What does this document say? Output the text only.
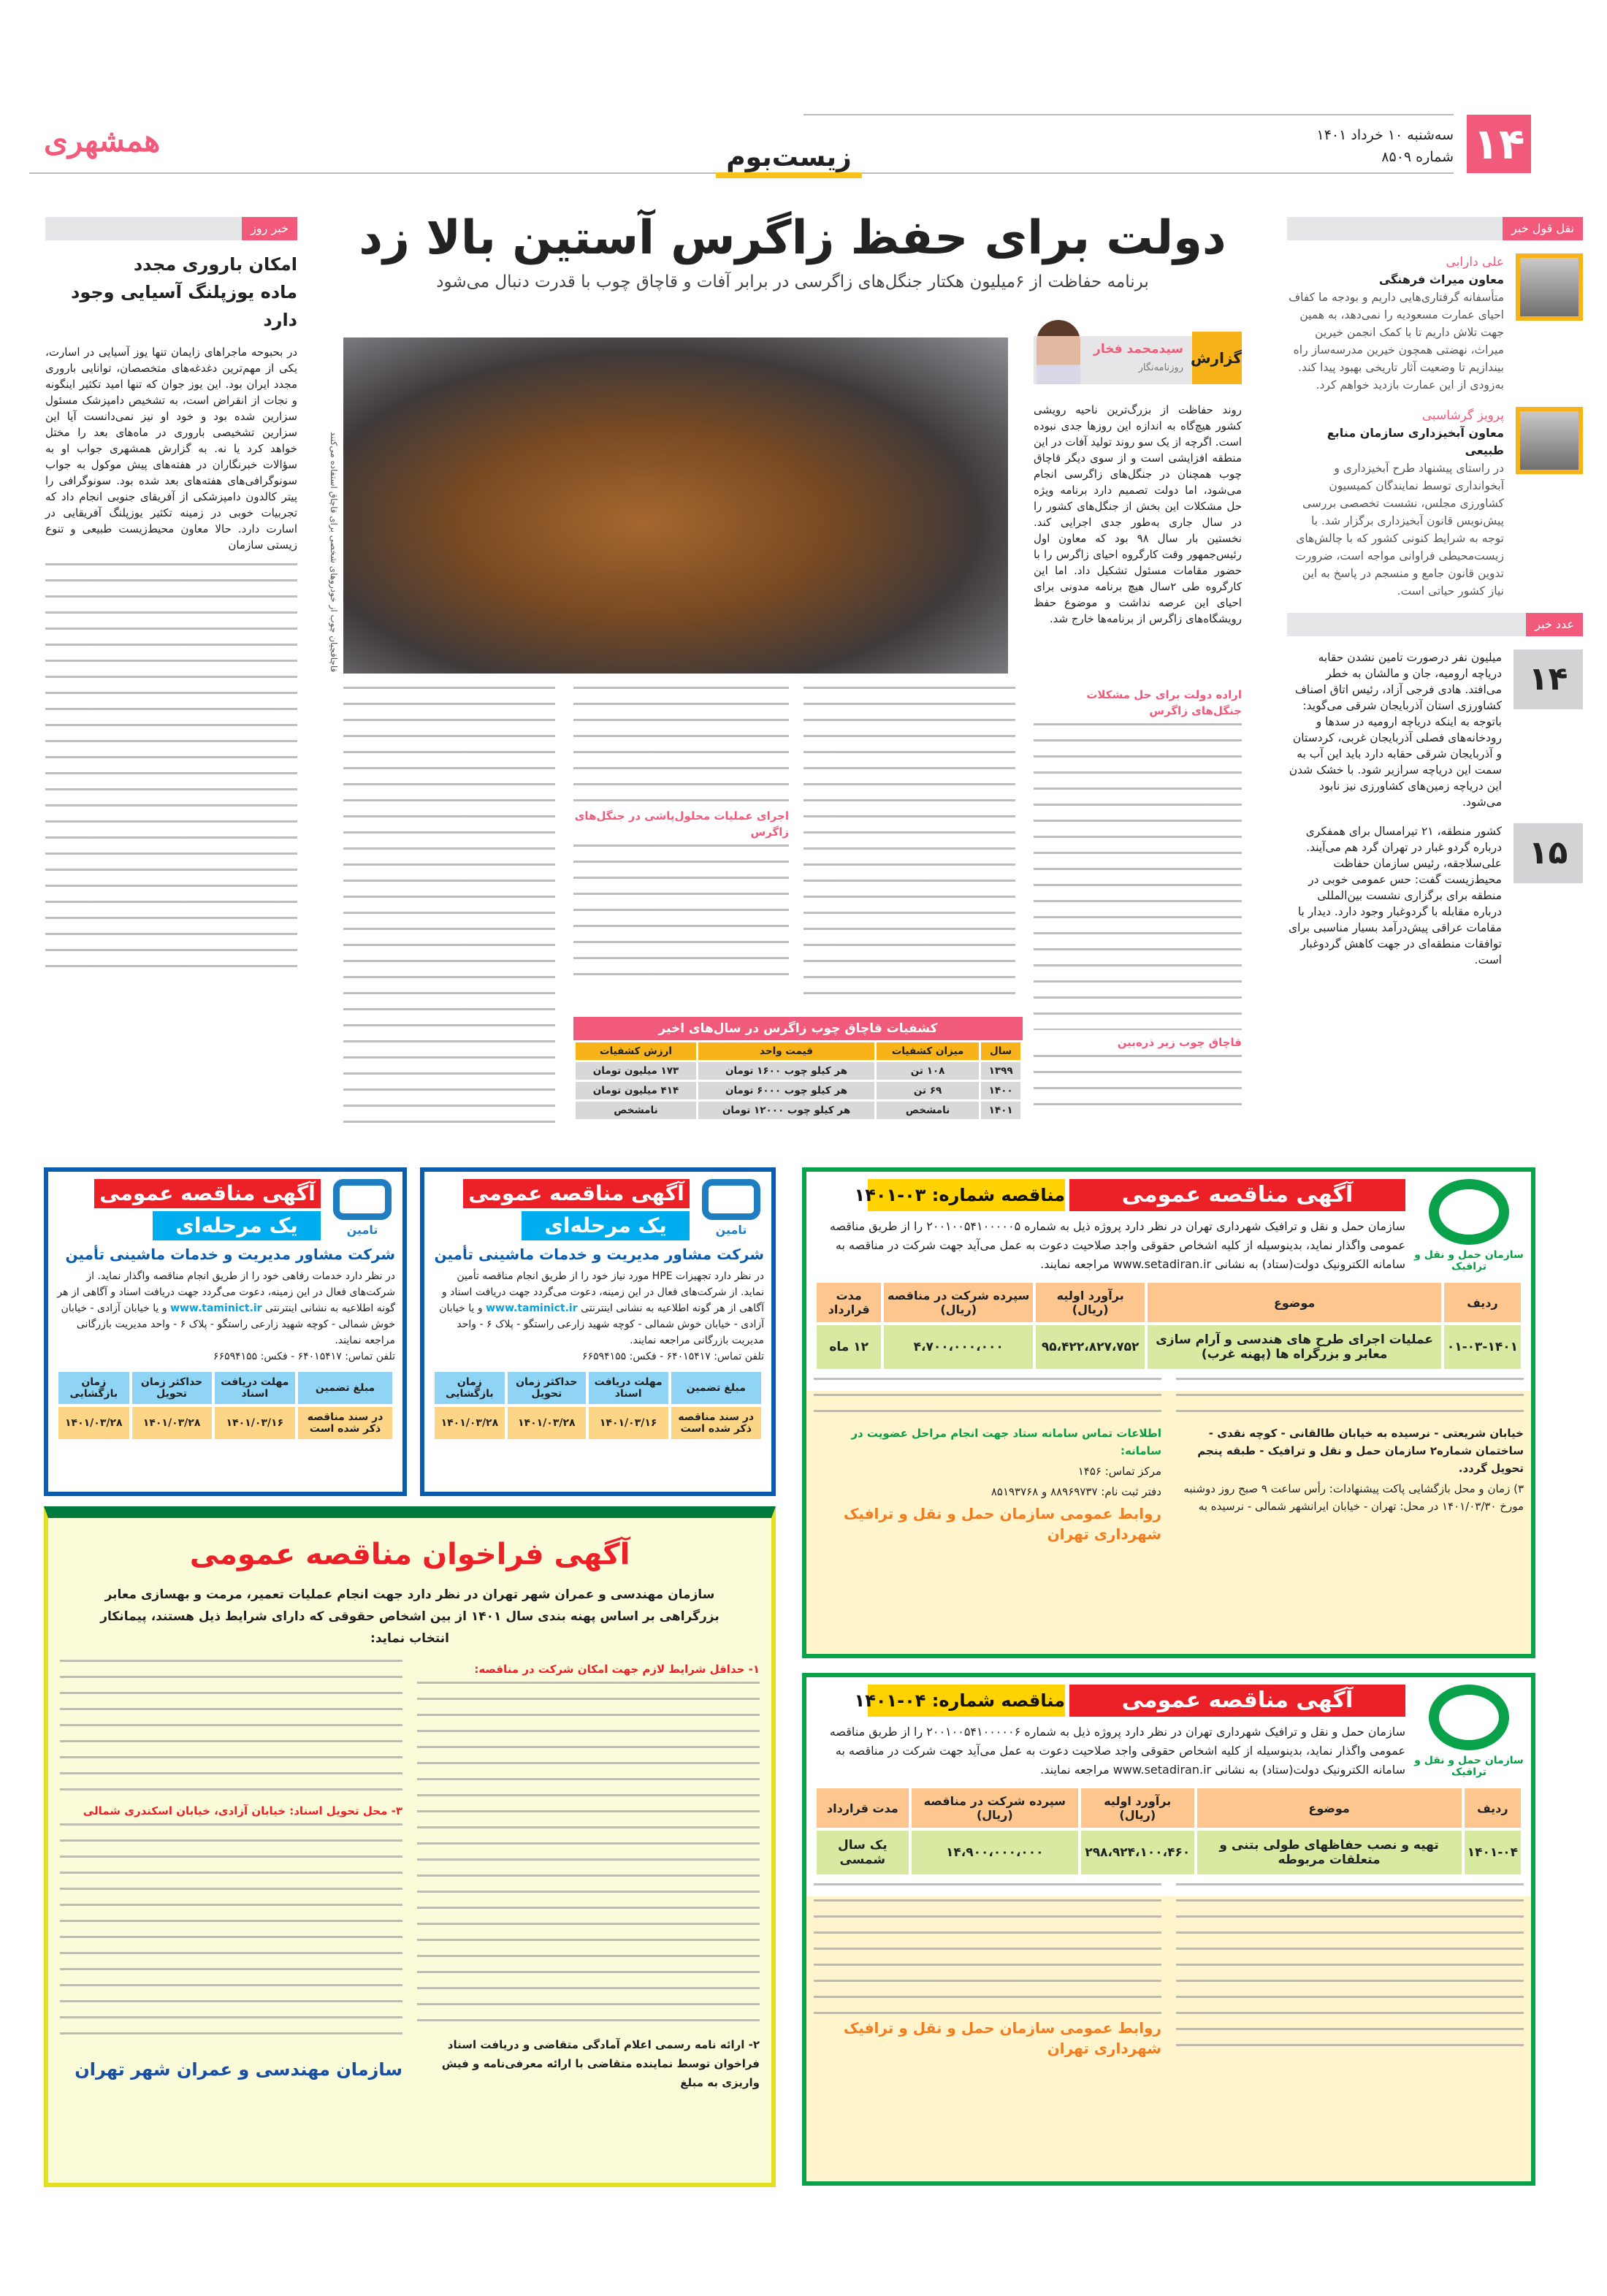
۱۴
سه‌شنبه ۱۰ خرداد ۱۴۰۱
شماره ۸۵۰۹
همشهری	زیست‌بوم
خبر روز
امکان باروری مجدد
ماده یوزپلنگ آسیایی وجود دارد
در بحبوحه ماجراهای زایمان تنها یوز آسیایی در اسارت، یکی از مهم‌ترین دغدغه‌های متخصصان، توانایی باروری مجدد ایران بود. این یوز جوان که تنها امید تکثیر اینگونه و نجات از انقراض است، به تشخیص دامپزشک مسئول سزارین شده بود و خود او نیز نمی‌دانست آیا این سزارین تشخیصی باروری در ماه‌های بعد را مختل خواهد کرد یا نه. به گزارش همشهری جواب او به سؤالات خبرنگاران در هفته‌های پیش موکول به جواب سونوگرافی‌های هفته‌های بعد شده بود. سونوگرافی را پیتر کالدون دامپزشکی از آفریقای جنوبی انجام داد که تجربیات خوبی در زمینه تکثیر یوزپلنگ آفریقایی در اسارت دارد. حالا معاون محیط‌زیست طبیعی و تنوع زیستی سازمان
دولت برای حفظ زاگرس آستین بالا زد
برنامه حفاظت از ۶میلیون هکتار جنگل‌های زاگرسی در برابر آفات و قاچاق چوب با قدرت دنبال می‌شود
قاچاقچیان چوب از خودروهای شخصی برای قاچاق استفاده می‌کنند
گزارش
سیدمحمد فخار
روزنامه‌نگار
روند حفاظت از بزرگ‌ترین ناحیه رویشی کشور هیچ‌گاه به اندازه این روزها جدی نبوده است. اگرچه از یک سو روند تولید آفات در این منطقه افزایشی است و از سوی دیگر قاچاق چوب همچنان در جنگل‌های زاگرسی انجام می‌شود، اما دولت تصمیم دارد برنامه ویژه حل مشکلات این بخش از جنگل‌های کشور را در سال جاری به‌طور جدی اجرایی کند. نخستین بار سال ۹۸ بود که معاون اول رئیس‌جمهور وقت کارگروه احیای زاگرس را با حضور مقامات مسئول تشکیل داد. اما این کارگروه طی ۲سال هیچ برنامه مدونی برای احیای این عرصه نداشت و موضوع حفظ رویشگاه‌های زاگرس از برنامه‌ها خارج شد.
اراده دولت برای حل مشکلات جنگل‌های زاگرس
قاچاق چوب زیر ذره‌بین
اجرای عملیات محلول‌پاشی در جنگل‌های زاگرس
کشفیات قاچاق چوب زاگرس در سال‌های اخیر
سال	میزان کشفیات	قیمت واحد	ارزش کشفیات
۱۳۹۹	۱۰۸ تن	هر کیلو چوب ۱۶۰۰ تومان	۱۷۳ میلیون تومان
۱۴۰۰	۶۹ تن	هر کیلو چوب ۶۰۰۰ تومان	۴۱۴ میلیون تومان
۱۴۰۱	نامشخص	هر کیلو چوب ۱۲۰۰۰ تومان	نامشخص
نقل قول خبر
علی دارابی
معاون میراث فرهنگی
متأسفانه گرفتاری‌هایی داریم و بودجه ما کفاف احیای عمارت مسعودیه را نمی‌دهد، به همین جهت تلاش داریم تا با کمک انجمن خیرین میراث، نهضتی همچون خیرین مدرسه‌ساز راه بیندازیم تا وضعیت آثار تاریخی بهبود پیدا کند. به‌زودی از این عمارت بازدید خواهم کرد.
پرویز گرشاسبی
معاون آبخیزداری سازمان منابع طبیعی
در راستای پیشنهاد طرح آبخیزداری و آبخوانداری توسط نمایندگان کمیسیون کشاورزی مجلس، نشست تخصصی بررسی پیش‌نویس قانون آبخیزداری برگزار شد. با توجه به شرایط کنونی کشور که با چالش‌های زیست‌محیطی فراوانی مواجه است، ضرورت تدوین قانون جامع و منسجم در پاسخ به این نیاز کشور حیاتی است.
عدد خبر
۱۴
میلیون نفر درصورت تامین نشدن حقابه دریاچه ارومیه، جان و مالشان به خطر می‌افتد. هادی فرجی آزاد، رئیس اتاق اصناف کشاورزی استان آذربایجان شرقی می‌گوید: باتوجه به اینکه دریاچه ارومیه در سدها و رودخانه‌های فصلی آذربایجان غربی، کردستان و آذربایجان شرقی حقابه دارد باید این آب به سمت این دریاچه سرازیر شود. با خشک شدن این دریاچه زمین‌های کشاورزی نیز نابود می‌شود.
۱۵
کشور منطقه، ۲۱ تیرامسال برای همفکری درباره گردو غبار در تهران گرد هم می‌آیند. علی‌سلاجقه، رئیس سازمان حفاظت محیط‌زیست گفت: حس عمومی خوبی در منطقه برای برگزاری نشست بین‌المللی درباره مقابله با گردوغبار وجود دارد. دیدار با مقامات عراقی پیش‌درآمد بسیار مناسبی برای توافقات منطقه‌ای در جهت کاهش گردوغبار است.
سازمان حمل و نقل و ترافیک
آگهی مناقصه عمومی
مناقصه شماره: ۰۳-۱۴۰۱
سازمان حمل و نقل و ترافیک شهرداری تهران در نظر دارد پروژه ذیل به شماره ۲۰۰۱۰۰۵۴۱۰۰۰۰۰۵ را از طریق مناقصه عمومی واگذار نماید، بدینوسیله از کلیه اشخاص حقوقی واجد صلاحیت دعوت به عمل می‌آید جهت شرکت در مناقصه به سامانه الکترونیک دولت(ستاد) به نشانی www.setadiran.ir مراجعه نمایند.
ردیف	موضوع	برآورد اولیه (ریال)	سپرده شرکت در مناقصه (ریال)	مدت قرارداد
۰۱-۰۳-۱۴۰۱	عملیات اجرای طرح های هندسی و آرام سازی معابر و بزرگراه ها (پهنه غرب)	۹۵،۴۲۲،۸۲۷،۷۵۲	۴،۷۰۰،۰۰۰،۰۰۰	۱۲ ماه
خیابان شریعتی - نرسیده به خیابان طالقانی - کوچه نقدی - ساختمان شماره۲ سازمان حمل و نقل و ترافیک - طبقه پنجم تحویل گردد.
۳) زمان و محل بازگشایی پاکت پیشنهادات: رأس ساعت ۹ صبح روز دوشنبه مورخ ۱۴۰۱/۰۳/۳۰ در محل: تهران - خیابان ایرانشهر شمالی - نرسیده به
اطلاعات تماس سامانه ستاد جهت انجام مراحل عضویت در سامانه:
مرکز تماس: ۱۴۵۶
دفتر ثبت نام: ۸۸۹۶۹۷۳۷ و ۸۵۱۹۳۷۶۸
روابط عمومی سازمان حمل و نقل و ترافیک شهرداری تهران
سازمان حمل و نقل و ترافیک
آگهی مناقصه عمومی
مناقصه شماره: ۰۴-۱۴۰۱
سازمان حمل و نقل و ترافیک شهرداری تهران در نظر دارد پروژه ذیل به شماره ۲۰۰۱۰۰۵۴۱۰۰۰۰۰۶ را از طریق مناقصه عمومی واگذار نماید، بدینوسیله از کلیه اشخاص حقوقی واجد صلاحیت دعوت به عمل می‌آید جهت شرکت در مناقصه به سامانه الکترونیک دولت(ستاد) به نشانی www.setadiran.ir مراجعه نمایند.
ردیف	موضوع	برآورد اولیه (ریال)	سپرده شرکت در مناقصه (ریال)	مدت قرارداد
۱۴۰۱-۰۴	تهیه و نصب حفاظهای طولی بتنی و متعلقات مربوطه	۲۹۸،۹۲۴،۱۰۰،۴۶۰	۱۴،۹۰۰،۰۰۰،۰۰۰	یک سال شمسی
روابط عمومی سازمان حمل و نقل و ترافیک شهرداری تهران
تامین
آگهی مناقصه عمومی
یک مرحله‌ای
شرکت مشاور مدیریت و خدمات ماشینی تأمین
در نظر دارد خدمات رفاهی خود را از طریق انجام مناقصه واگذار نماید. از شرکت‌های فعال در این زمینه، دعوت می‌گردد جهت دریافت اسناد و آگاهی از هر گونه اطلاعیه به نشانی اینترنتی www.taminict.ir و یا خیابان آزادی - خیابان خوش شمالی - کوچه شهید زارعی راستگو - پلاک ۶ - واحد مدیریت بازرگانی مراجعه نمایند.
تلفن تماس: ۶۴۰۱۵۴۱۷ - فکس: ۶۶۵۹۴۱۵۵
مبلغ تضمین	مهلت دریافت اسناد	حداکثر زمان تحویل	زمان بازگشایی
در سند مناقصه ذکر شده است	۱۴۰۱/۰۳/۱۶	۱۴۰۱/۰۳/۲۸	۱۴۰۱/۰۳/۲۸
تامین
آگهی مناقصه عمومی
یک مرحله‌ای
شرکت مشاور مدیریت و خدمات ماشینی تأمین
در نظر دارد تجهیزات HPE مورد نیاز خود را از طریق انجام مناقصه تأمین نماید. از شرکت‌های فعال در این زمینه، دعوت می‌گردد جهت دریافت اسناد و آگاهی از هر گونه اطلاعیه به نشانی اینترنتی www.taminict.ir و یا خیابان آزادی - خیابان خوش شمالی - کوچه شهید زارعی راستگو - پلاک ۶ - واحد مدیریت بازرگانی مراجعه نمایند.
تلفن تماس: ۶۴۰۱۵۴۱۷ - فکس: ۶۶۵۹۴۱۵۵
مبلغ تضمین	مهلت دریافت اسناد	حداکثر زمان تحویل	زمان بازگشایی
در سند مناقصه ذکر شده است	۱۴۰۱/۰۳/۱۶	۱۴۰۱/۰۳/۲۸	۱۴۰۱/۰۳/۲۸
آگهی فراخوان مناقصه عمومی
سازمان مهندسی و عمران شهر تهران در نظر دارد جهت انجام عملیات تعمیر، مرمت و بهسازی معابر بزرگراهی بر اساس پهنه بندی سال ۱۴۰۱ از بین اشخاص حقوقی که دارای شرایط ذیل هستند، پیمانکار انتخاب نماید:
۱- حداقل شرایط لازم جهت امکان شرکت در مناقصه:
۲- ارائه نامه رسمی اعلام آمادگی متقاضی و دریافت اسناد فراخوان توسط نماینده متقاضی با ارائه معرفی‌نامه و فیش واریزی به مبلغ
۳- محل تحویل اسناد: خیابان آزادی، خیابان اسکندری شمالی
سازمان مهندسی و عمران شهر تهران
